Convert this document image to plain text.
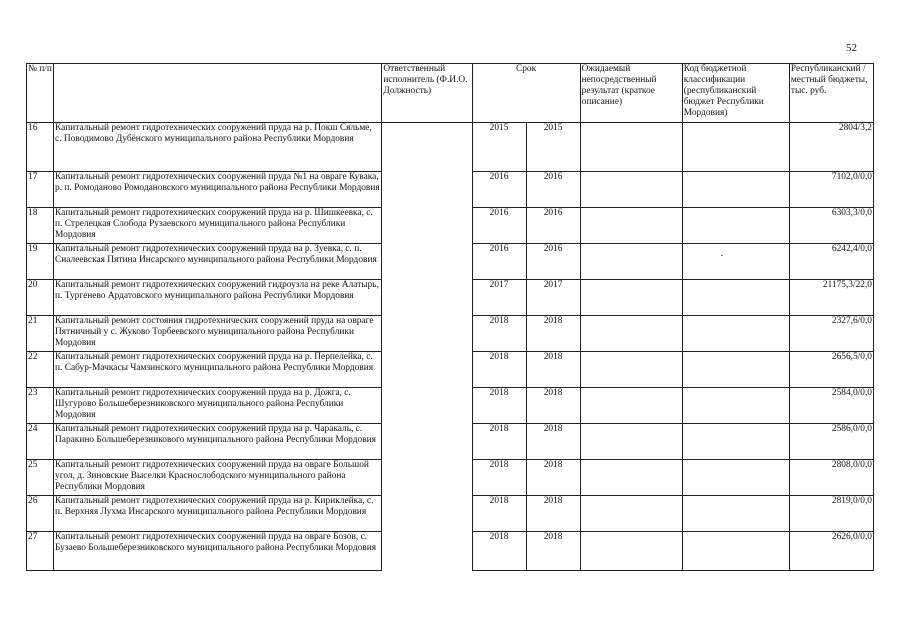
52
№ п/п		Ответственный исполнитель (Ф.И.О. Должность)	Срок		Ожидаемый непосредственный результат (краткое описание)	Код бюджетной классификации (республиканский бюджет Республики Мордовия)	Республиканский /местный бюджеты, тыс. руб.
16	Капитальный ремонт гидротехнических сооружений пруда на р. Покш Сяльме, с. Поводимово Дубёнского муниципального района Республики Мордовия		2015	2015			2804/3,2
17	Капитальный ремонт гидротехнических сооружений пруда №1 на овраге Кувака, р. п. Ромоданово Ромодановского муниципального района Республики Мордовия		2016	2016			7102,0/0,0
18	Капитальный ремонт гидротехнических сооружений пруда на р. Шишкеевка, с. п. Стрелецкая Слобода Рузаевского муниципального района Республики Мордовия		2016	2016			6303,3/0,0
19	Капитальный ремонт гидротехнических сооружений пруда на р. Зуевка, с. п. Сиалеевская Пятина Инсарского муниципального района Республики Мордовия		2016	2016			6242,4/0,0
20	Капитальный ремонт гидротехнических сооружений гидроузла на реке Алатырь, п. Тургенево Ардатовского муниципального района Республики Мордовия		2017	2017			21175,3/22,0
21	Капитальный ремонт состояния гидротехнических сооружений пруда на овраге Пятничный у с. Жуково Торбеевского муниципального района Республики Мордовия		2018	2018			2327,6/0,0
22	Капитальный ремонт гидротехнических сооружений пруда на р. Перпелейка, с. п. Сабур-Мачкасы Чамзинского муниципального района Республики Мордовия		2018	2018			2656,5/0,0
23	Капитальный ремонт гидротехнических сооружений пруда на р. Дожга, с. Шугурово Большеберезниковского муниципального района Республики Мордовия		2018	2018			2584,0/0,0
24	Капитальный ремонт гидротехнических сооружений пруда на р. Чаракаль, с. Паракино Большеберезникового муниципального района Республики Мордовия		2018	2018			2586,0/0,0
25	Капитальный ремонт гидротехнических сооружений пруда на овраге Большой угол, д. Зиновские Выселки Краснослободского муниципального района Республики Мордовия		2018	2018			2808,0/0,0
26	Капитальный ремонт гидротехнических сооружений пруда на р. Кириклейка, с. п. Верхняя Лухма Инсарского муниципального района Республики Мордовия		2018	2018			2819,0/0,0
27	Капитальный ремонт гидротехнических сооружений пруда на овраге Бозов, с. Бузаево Большеберезниковского муниципального района Республики Мордовия		2018	2018			2626,0/0,0
